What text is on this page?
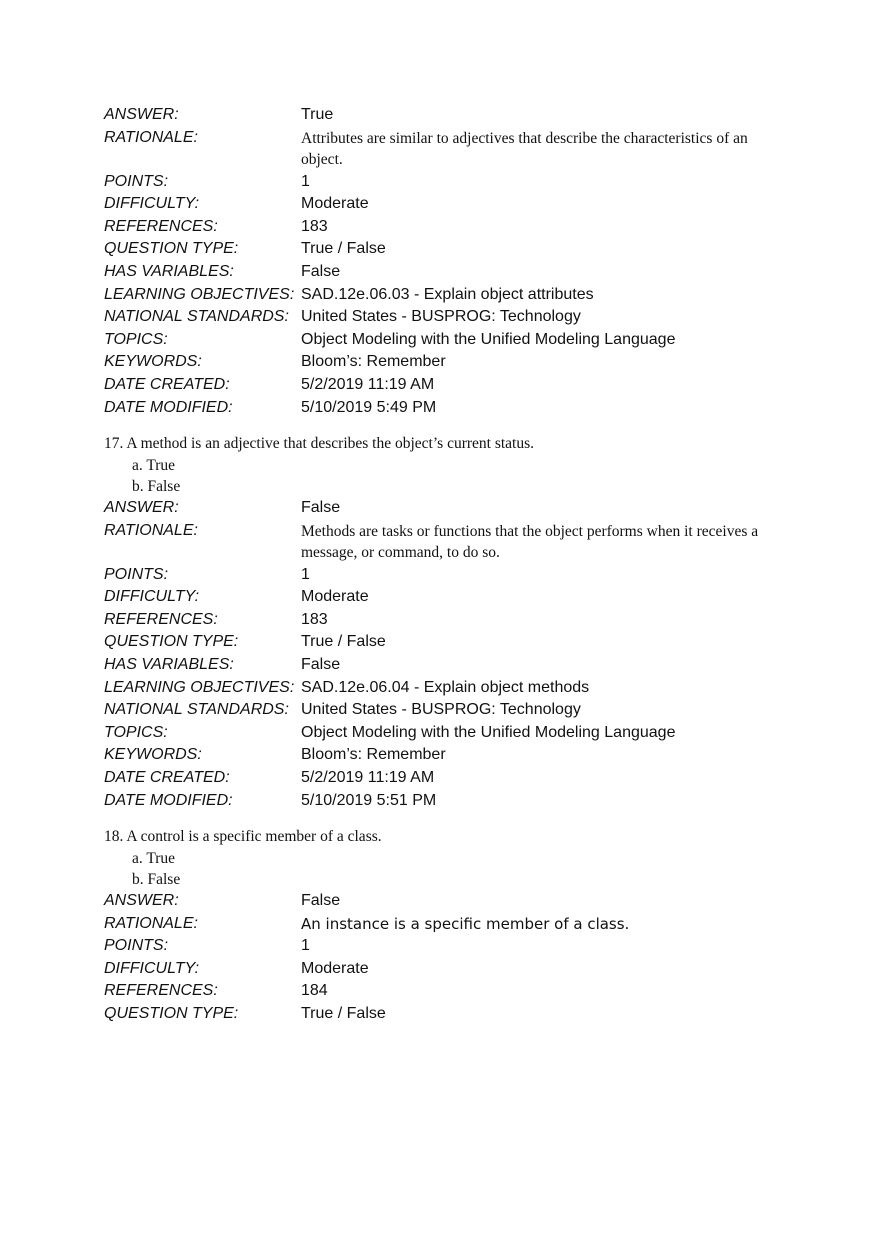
ANSWER:	True
RATIONALE:	Attributes are similar to adjectives that describe the characteristics of an object.
POINTS:	1
DIFFICULTY:	Moderate
REFERENCES:	183
QUESTION TYPE:	True / False
HAS VARIABLES:	False
LEARNING OBJECTIVES: SAD.12e.06.03 - Explain object attributes
NATIONAL STANDARDS: United States - BUSPROG: Technology
TOPICS:	Object Modeling with the Unified Modeling Language
KEYWORDS:	Bloom’s: Remember
DATE CREATED:	5/2/2019 11:19 AM
DATE MODIFIED:	5/10/2019 5:49 PM

17. A method is an adjective that describes the object’s current status.

a. True
b. False
ANSWER:	False
RATIONALE:	Methods are tasks or functions that the object performs when it receives a message, or command, to do so.
POINTS:	1
DIFFICULTY:	Moderate
REFERENCES:	183
QUESTION TYPE:	True / False
HAS VARIABLES:	False
LEARNING OBJECTIVES: SAD.12e.06.04 - Explain object methods
NATIONAL STANDARDS: United States - BUSPROG: Technology
TOPICS:	Object Modeling with the Unified Modeling Language
KEYWORDS:	Bloom’s: Remember
DATE CREATED:	5/2/2019 11:19 AM
DATE MODIFIED:	5/10/2019 5:51 PM

18. A control is a specific member of a class.

a. True
b. False
ANSWER:	False
RATIONALE:	An instance is a specific member of a class.
POINTS:	1
DIFFICULTY:	Moderate
REFERENCES:	184
QUESTION TYPE:	True / False
